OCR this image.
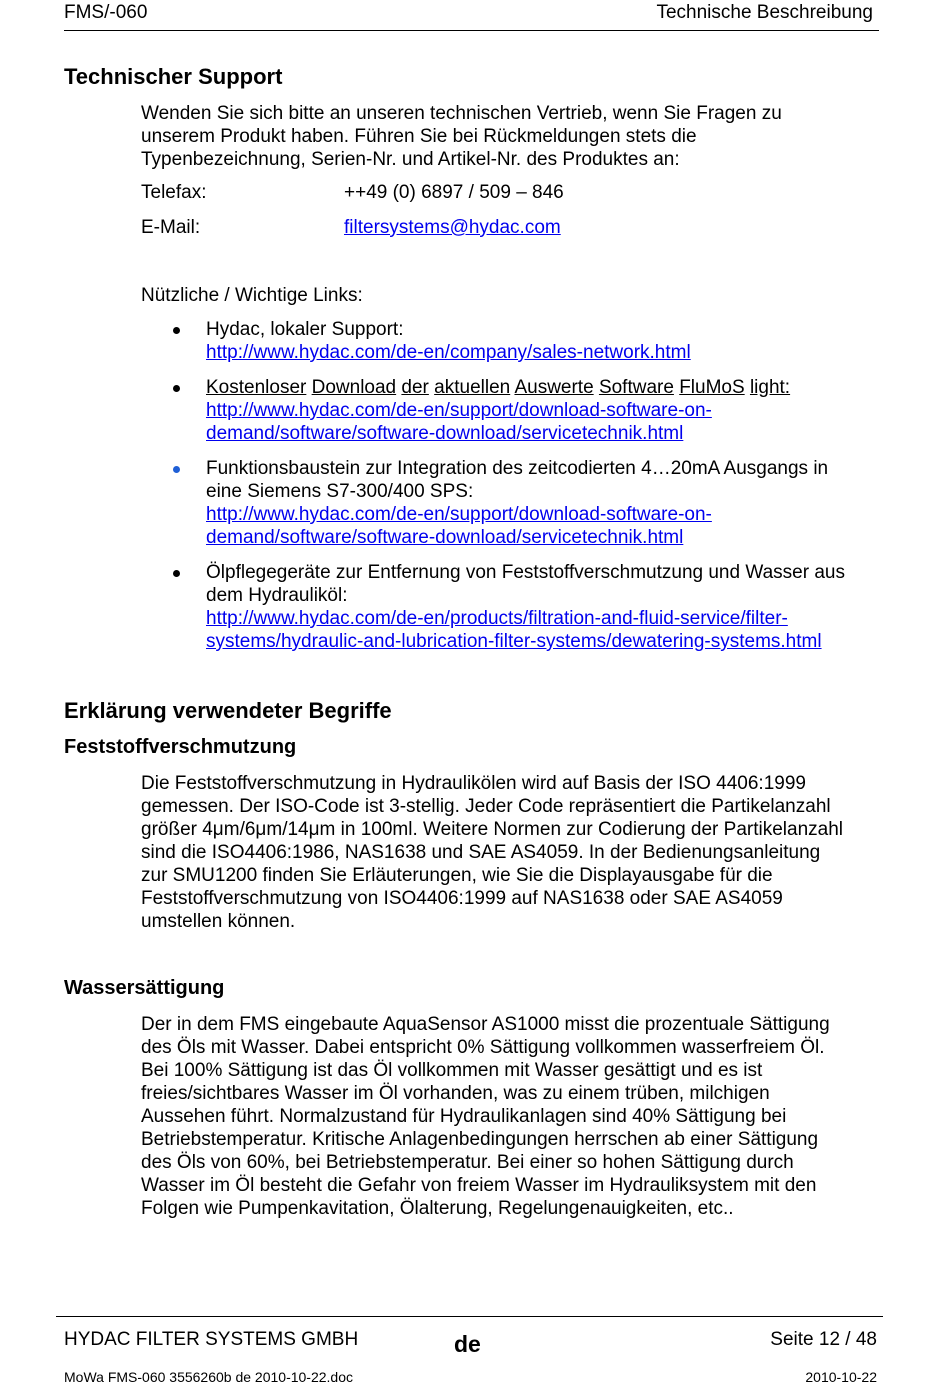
FMS/-060	Technische Beschreibung
Technischer Support
Wenden Sie sich bitte an unseren technischen Vertrieb, wenn Sie Fragen zu
unserem Produkt haben. Führen Sie bei Rückmeldungen stets die
Typenbezeichnung, Serien-Nr. und Artikel-Nr. des Produktes an:
Telefax:	++49 (0) 6897 / 509 – 846
E-Mail:	filtersystems@hydac.com
Nützliche / Wichtige Links:
Hydac, lokaler Support:
http://www.hydac.com/de-en/company/sales-network.html
Kostenloser Download der aktuellen Auswerte Software FluMoS light:
http://www.hydac.com/de-en/support/download-software-on-
demand/software/software-download/servicetechnik.html
Funktionsbaustein zur Integration des zeitcodierten 4…20mA Ausgangs in
eine Siemens S7-300/400 SPS:
http://www.hydac.com/de-en/support/download-software-on-
demand/software/software-download/servicetechnik.html
Ölpflegegeräte zur Entfernung von Feststoffverschmutzung und Wasser aus
dem Hydrauliköl:
http://www.hydac.com/de-en/products/filtration-and-fluid-service/filter-
systems/hydraulic-and-lubrication-filter-systems/dewatering-systems.html
Erklärung verwendeter Begriffe
Feststoffverschmutzung
Die Feststoffverschmutzung in Hydraulikölen wird auf Basis der ISO 4406:1999
gemessen. Der ISO-Code ist 3-stellig. Jeder Code repräsentiert die Partikelanzahl
größer 4μm/6μm/14μm in 100ml. Weitere Normen zur Codierung der Partikelanzahl
sind die ISO4406:1986, NAS1638 und SAE AS4059. In der Bedienungsanleitung
zur SMU1200 finden Sie Erläuterungen, wie Sie die Displayausgabe für die
Feststoffverschmutzung von ISO4406:1999 auf NAS1638 oder SAE AS4059
umstellen können.
Wassersättigung
Der in dem FMS eingebaute AquaSensor AS1000 misst die prozentuale Sättigung
des Öls mit Wasser. Dabei entspricht 0% Sättigung vollkommen wasserfreiem Öl.
Bei 100% Sättigung ist das Öl vollkommen mit Wasser gesättigt und es ist
freies/sichtbares Wasser im Öl vorhanden, was zu einem trüben, milchigen
Aussehen führt. Normalzustand für Hydraulikanlagen sind 40% Sättigung bei
Betriebstemperatur. Kritische Anlagenbedingungen herrschen ab einer Sättigung
des Öls von 60%, bei Betriebstemperatur. Bei einer so hohen Sättigung durch
Wasser im Öl besteht die Gefahr von freiem Wasser im Hydrauliksystem mit den
Folgen wie Pumpenkavitation, Ölalterung, Regelungenauigkeiten, etc..
HYDAC FILTER SYSTEMS GMBH	de	Seite 12 / 48
MoWa FMS-060 3556260b de 2010-10-22.doc	2010-10-22
